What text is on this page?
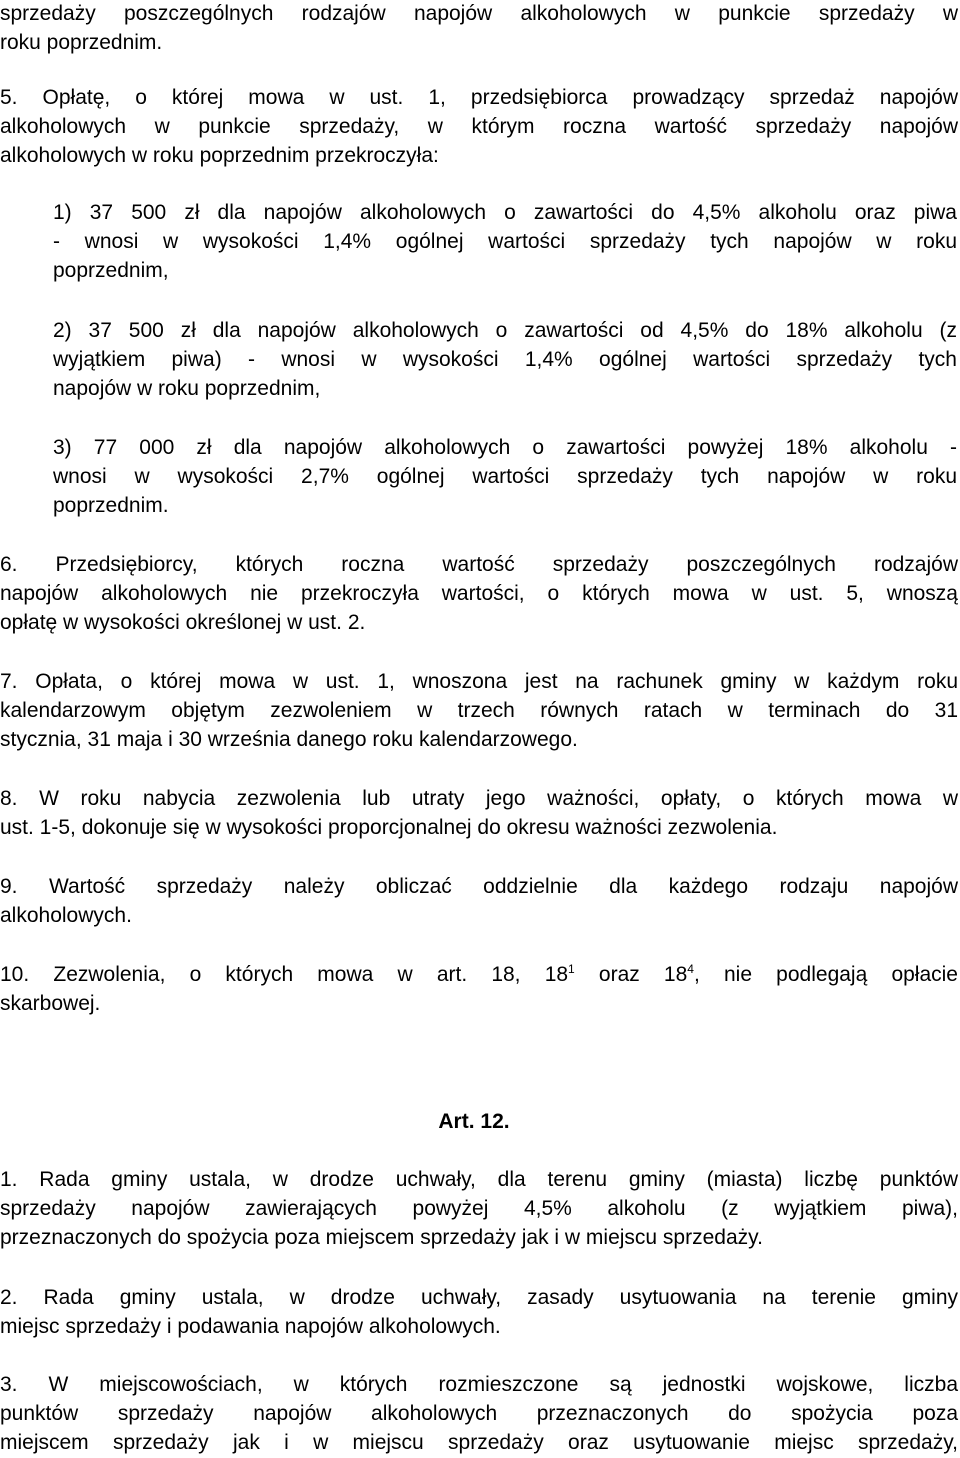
sprzedaży poszczególnych rodzajów napojów alkoholowych w punkcie sprzedaży w
roku poprzednim.
5. Opłatę, o której mowa w ust. 1, przedsiębiorca prowadzący sprzedaż napojów
alkoholowych w punkcie sprzedaży, w którym roczna wartość sprzedaży napojów
alkoholowych w roku poprzednim przekroczyła:
1) 37 500 zł dla napojów alkoholowych o zawartości do 4,5% alkoholu oraz piwa
- wnosi w wysokości 1,4% ogólnej wartości sprzedaży tych napojów w roku
poprzednim,
2) 37 500 zł dla napojów alkoholowych o zawartości od 4,5% do 18% alkoholu (z
wyjątkiem piwa) - wnosi w wysokości 1,4% ogólnej wartości sprzedaży tych
napojów w roku poprzednim,
3) 77 000 zł dla napojów alkoholowych o zawartości powyżej 18% alkoholu -
wnosi w wysokości 2,7% ogólnej wartości sprzedaży tych napojów w roku
poprzednim.
6. Przedsiębiorcy, których roczna wartość sprzedaży poszczególnych rodzajów
napojów alkoholowych nie przekroczyła wartości, o których mowa w ust. 5, wnoszą
opłatę w wysokości określonej w ust. 2.
7. Opłata, o której mowa w ust. 1, wnoszona jest na rachunek gminy w każdym roku
kalendarzowym objętym zezwoleniem w trzech równych ratach w terminach do 31
stycznia, 31 maja i 30 września danego roku kalendarzowego.
8. W roku nabycia zezwolenia lub utraty jego ważności, opłaty, o których mowa w
ust. 1-5, dokonuje się w wysokości proporcjonalnej do okresu ważności zezwolenia.
9. Wartość sprzedaży należy obliczać oddzielnie dla każdego rodzaju napojów
alkoholowych.
10. Zezwolenia, o których mowa w art. 18, $18^1$ oraz $18^4$, nie podlegają opłacie
skarbowej.
Art. 12.
1. Rada gminy ustala, w drodze uchwały, dla terenu gminy (miasta) liczbę punktów
sprzedaży napojów zawierających powyżej 4,5% alkoholu (z wyjątkiem piwa),
przeznaczonych do spożycia poza miejscem sprzedaży jak i w miejscu sprzedaży.
2. Rada gminy ustala, w drodze uchwały, zasady usytuowania na terenie gminy
miejsc sprzedaży i podawania napojów alkoholowych.
3. W miejscowościach, w których rozmieszczone są jednostki wojskowe, liczba
punktów sprzedaży napojów alkoholowych przeznaczonych do spożycia poza
miejscem sprzedaży jak i w miejscu sprzedaży oraz usytuowanie miejsc sprzedaży,
